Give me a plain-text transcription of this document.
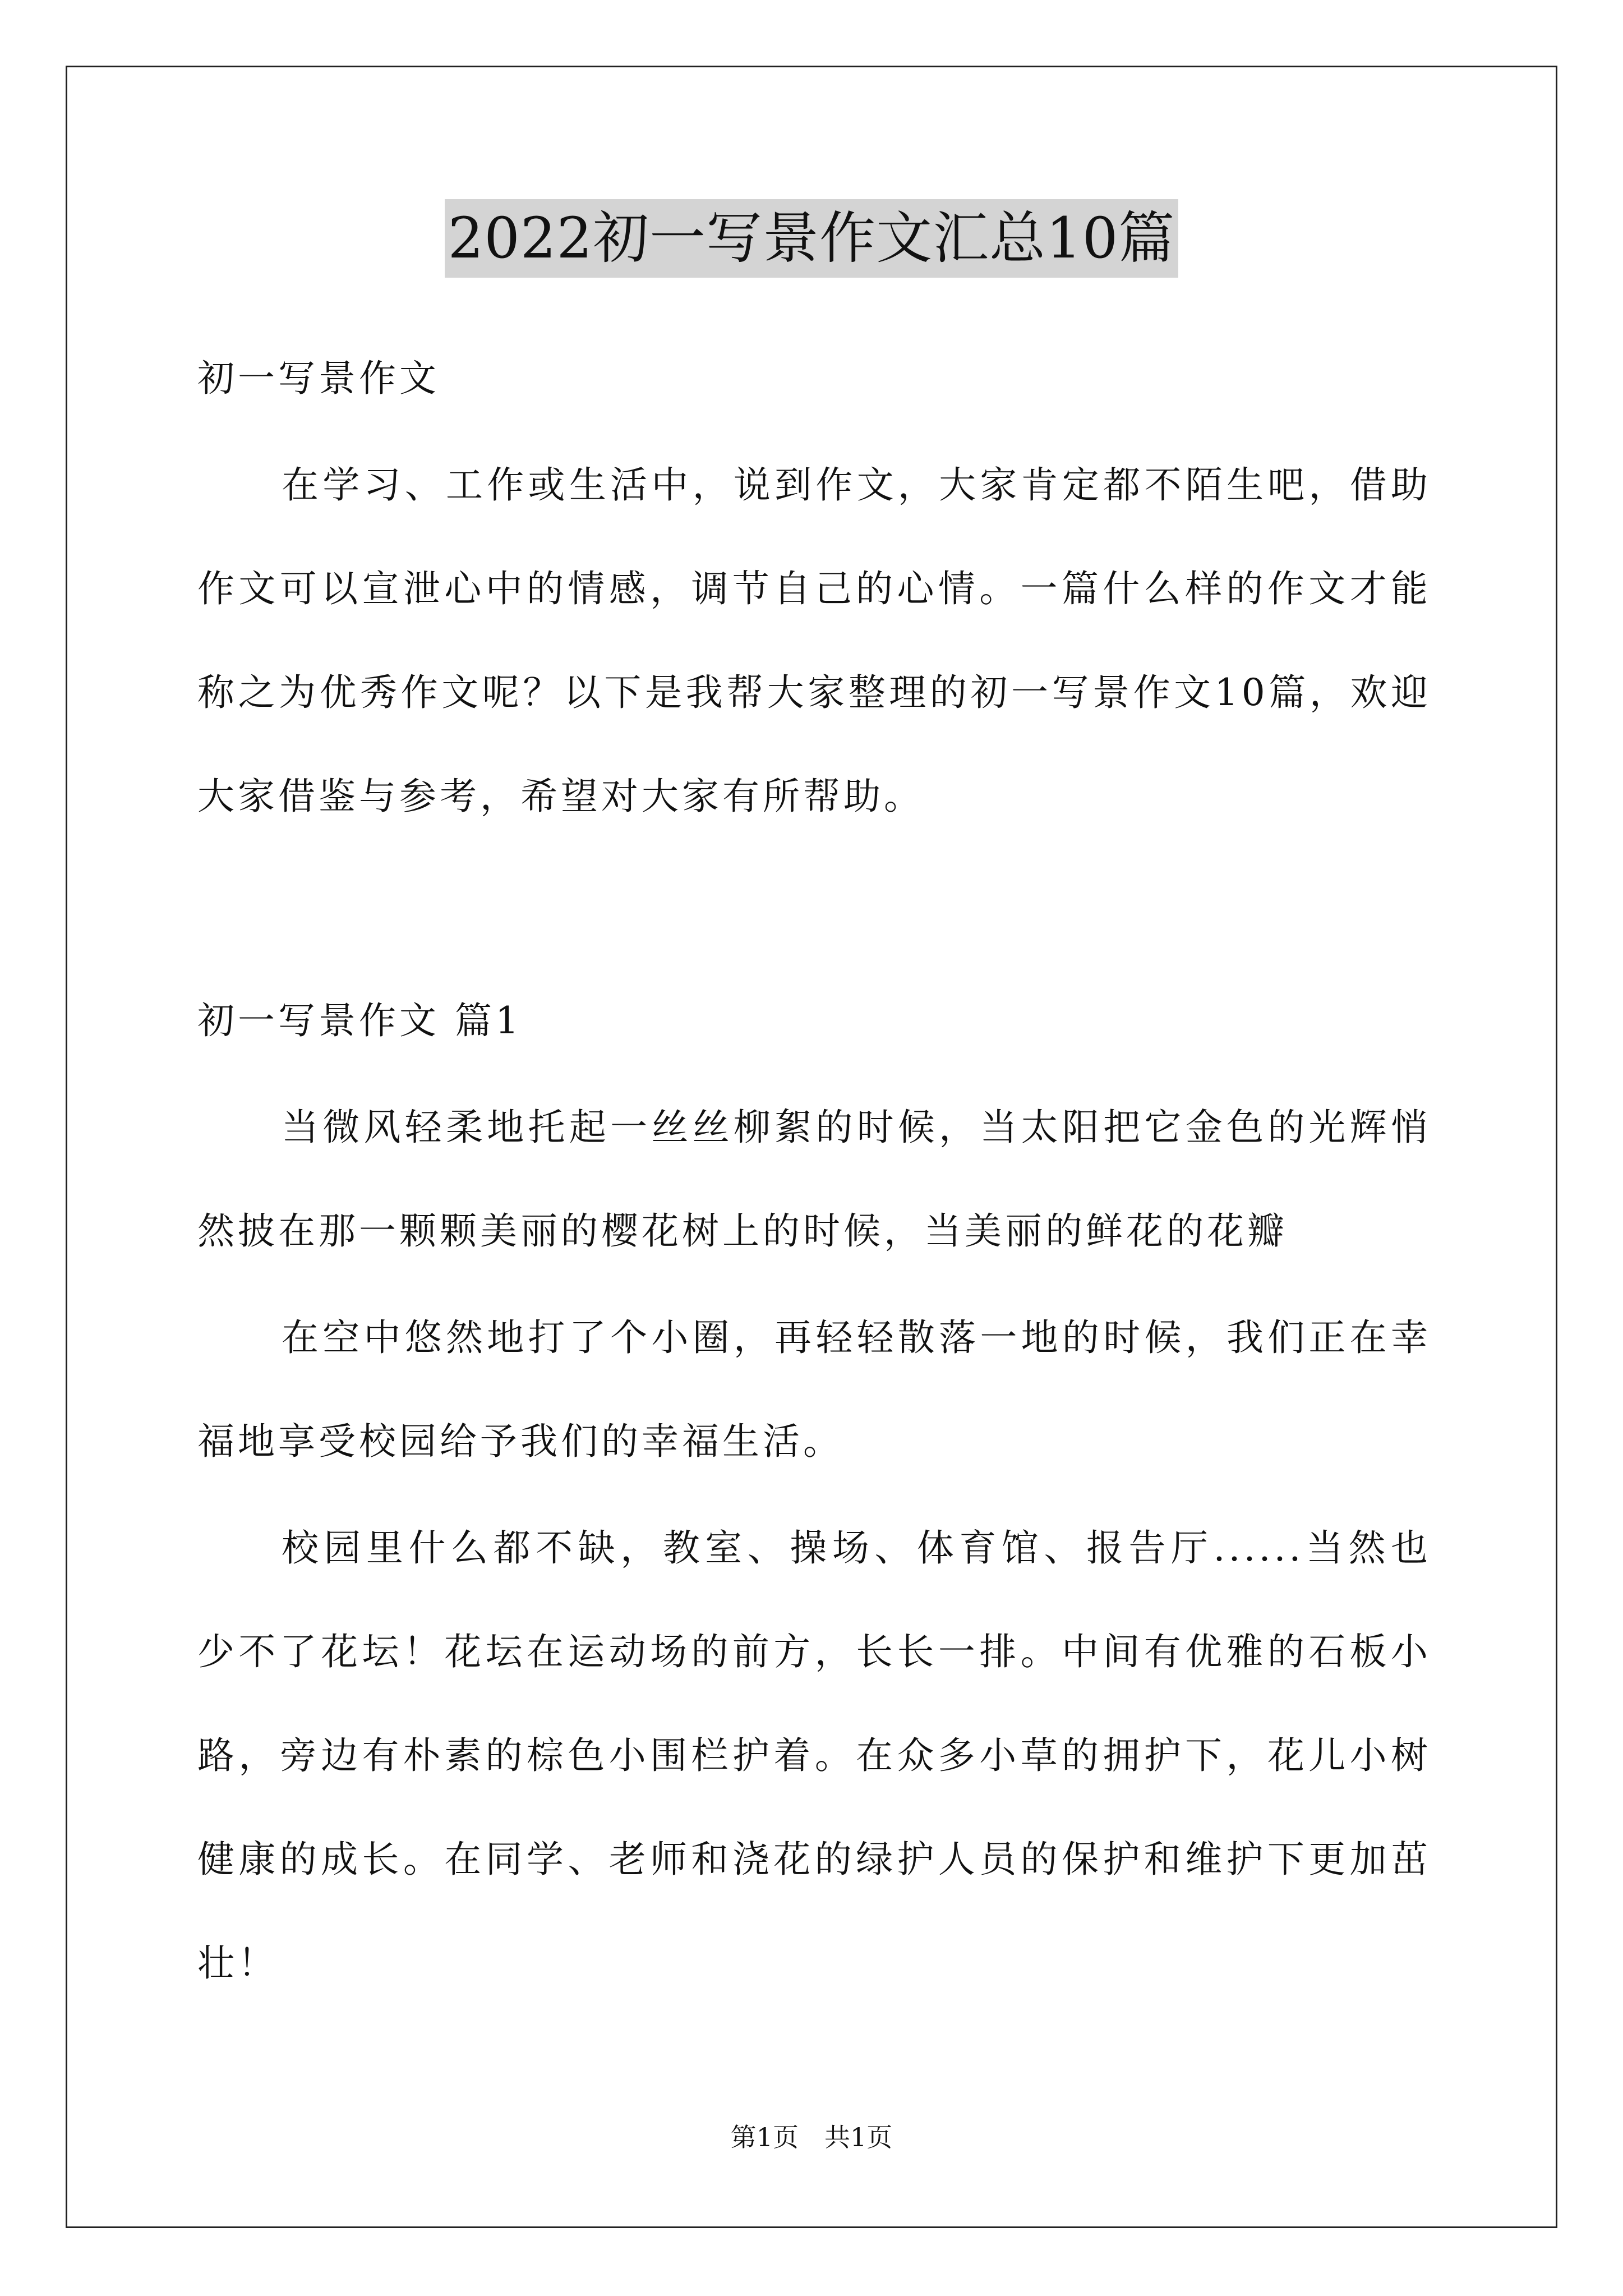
2022初一写景作文汇总10篇
初一写景作文
在学习、工作或生活中，说到作文，大家肯定都不陌生吧，借助
作文可以宣泄心中的情感，调节自己的心情。一篇什么样的作文才能
称之为优秀作文呢？以下是我帮大家整理的初一写景作文10篇，欢迎
大家借鉴与参考，希望对大家有所帮助。
初一写景作文 篇1
当微风轻柔地托起一丝丝柳絮的时候，当太阳把它金色的光辉悄
然披在那一颗颗美丽的樱花树上的时候，当美丽的鲜花的花瓣
在空中悠然地打了个小圈，再轻轻散落一地的时候，我们正在幸
福地享受校园给予我们的幸福生活。
校园里什么都不缺，教室、操场、体育馆、报告厅......当然也
少不了花坛！花坛在运动场的前方，长长一排。中间有优雅的石板小
路，旁边有朴素的棕色小围栏护着。在众多小草的拥护下，花儿小树
健康的成长。在同学、老师和浇花的绿护人员的保护和维护下更加茁
壮！
第1页　共1页
